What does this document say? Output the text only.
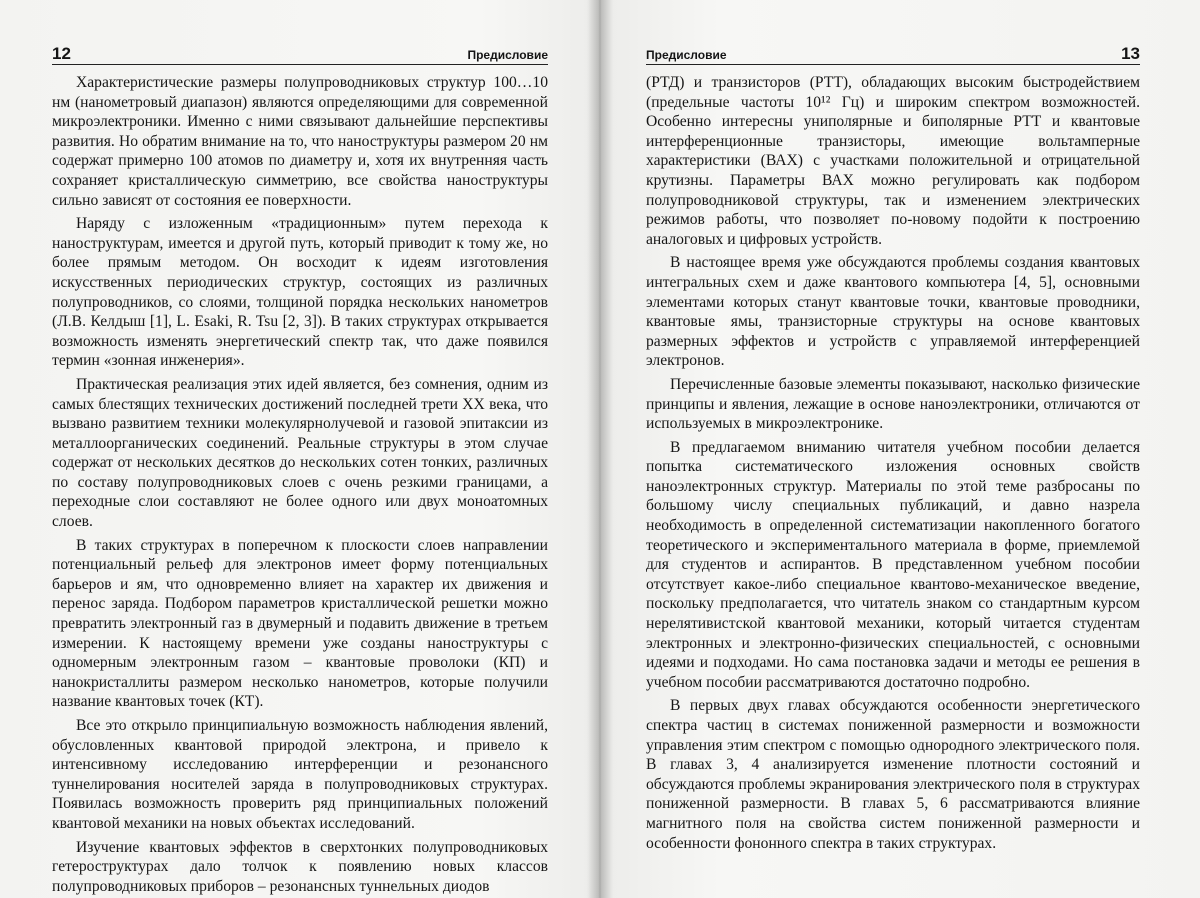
12	Предисловие

Характеристические размеры полупроводниковых структур 100…10 нм (нанометровый диапазон) являются определяющими для современной микроэлектроники. Именно с ними связывают дальнейшие перспективы развития. Но обратим внимание на то, что наноструктуры размером 20 нм содержат примерно 100 атомов по диаметру и, хотя их внутренняя часть сохраняет кристаллическую симметрию, все свойства наноструктуры сильно зависят от состояния ее поверхности.

Наряду с изложенным «традиционным» путем перехода к наноструктурам, имеется и другой путь, который приводит к тому же, но более прямым методом. Он восходит к идеям изготовления искусственных периодических структур, состоящих из различных полупроводников, со слоями, толщиной порядка нескольких нанометров (Л.В. Келдыш [1], L. Esaki, R. Tsu [2, 3]). В таких структурах открывается возможность изменять энергетический спектр так, что даже появился термин «зонная инженерия».

Практическая реализация этих идей является, без сомнения, одним из самых блестящих технических достижений последней трети XX века, что вызвано развитием техники молекулярнолучевой и газовой эпитаксии из металлоорганических соединений. Реальные структуры в этом случае содержат от нескольких десятков до нескольких сотен тонких, различных по составу полупроводниковых слоев с очень резкими границами, а переходные слои составляют не более одного или двух моноатомных слоев.

В таких структурах в поперечном к плоскости слоев направлении потенциальный рельеф для электронов имеет форму потенциальных барьеров и ям, что одновременно влияет на характер их движения и перенос заряда. Подбором параметров кристаллической решетки можно превратить электронный газ в двумерный и подавить движение в третьем измерении. К настоящему времени уже созданы наноструктуры с одномерным электронным газом – квантовые проволоки (КП) и нанокристаллиты размером несколько нанометров, которые получили название квантовых точек (КТ).

Все это открыло принципиальную возможность наблюдения явлений, обусловленных квантовой природой электрона, и привело к интенсивному исследованию интерференции и резонансного туннелирования носителей заряда в полупроводниковых структурах. Появилась возможность проверить ряд принципиальных положений квантовой механики на новых объектах исследований.

Изучение квантовых эффектов в сверхтонких полупроводниковых гетероструктурах дало толчок к появлению новых классов полупроводниковых приборов – резонансных туннельных диодов

Предисловие	13

(РТД) и транзисторов (РТТ), обладающих высоким быстродействием (предельные частоты 10¹² Гц) и широким спектром возможностей. Особенно интересны униполярные и биполярные РТТ и квантовые интерференционные транзисторы, имеющие вольтамперные характеристики (ВАХ) с участками положительной и отрицательной крутизны. Параметры ВАХ можно регулировать как подбором полупроводниковой структуры, так и изменением электрических режимов работы, что позволяет по-новому подойти к построению аналоговых и цифровых устройств.

В настоящее время уже обсуждаются проблемы создания квантовых интегральных схем и даже квантового компьютера [4, 5], основными элементами которых станут квантовые точки, квантовые проводники, квантовые ямы, транзисторные структуры на основе квантовых размерных эффектов и устройств с управляемой интерференцией электронов.

Перечисленные базовые элементы показывают, насколько физические принципы и явления, лежащие в основе наноэлектроники, отличаются от используемых в микроэлектронике.

В предлагаемом вниманию читателя учебном пособии делается попытка систематического изложения основных свойств наноэлектронных структур. Материалы по этой теме разбросаны по большому числу специальных публикаций, и давно назрела необходимость в определенной систематизации накопленного богатого теоретического и экспериментального материала в форме, приемлемой для студентов и аспирантов. В представленном учебном пособии отсутствует какое-либо специальное квантово-механическое введение, поскольку предполагается, что читатель знаком со стандартным курсом нерелятивистской квантовой механики, который читается студентам электронных и электронно-физических специальностей, с основными идеями и подходами. Но сама постановка задачи и методы ее решения в учебном пособии рассматриваются достаточно подробно.

В первых двух главах обсуждаются особенности энергетического спектра частиц в системах пониженной размерности и возможности управления этим спектром с помощью однородного электрического поля. В главах 3, 4 анализируется изменение плотности состояний и обсуждаются проблемы экранирования электрического поля в структурах пониженной размерности. В главах 5, 6 рассматриваются влияние магнитного поля на свойства систем пониженной размерности и особенности фононного спектра в таких структурах.
